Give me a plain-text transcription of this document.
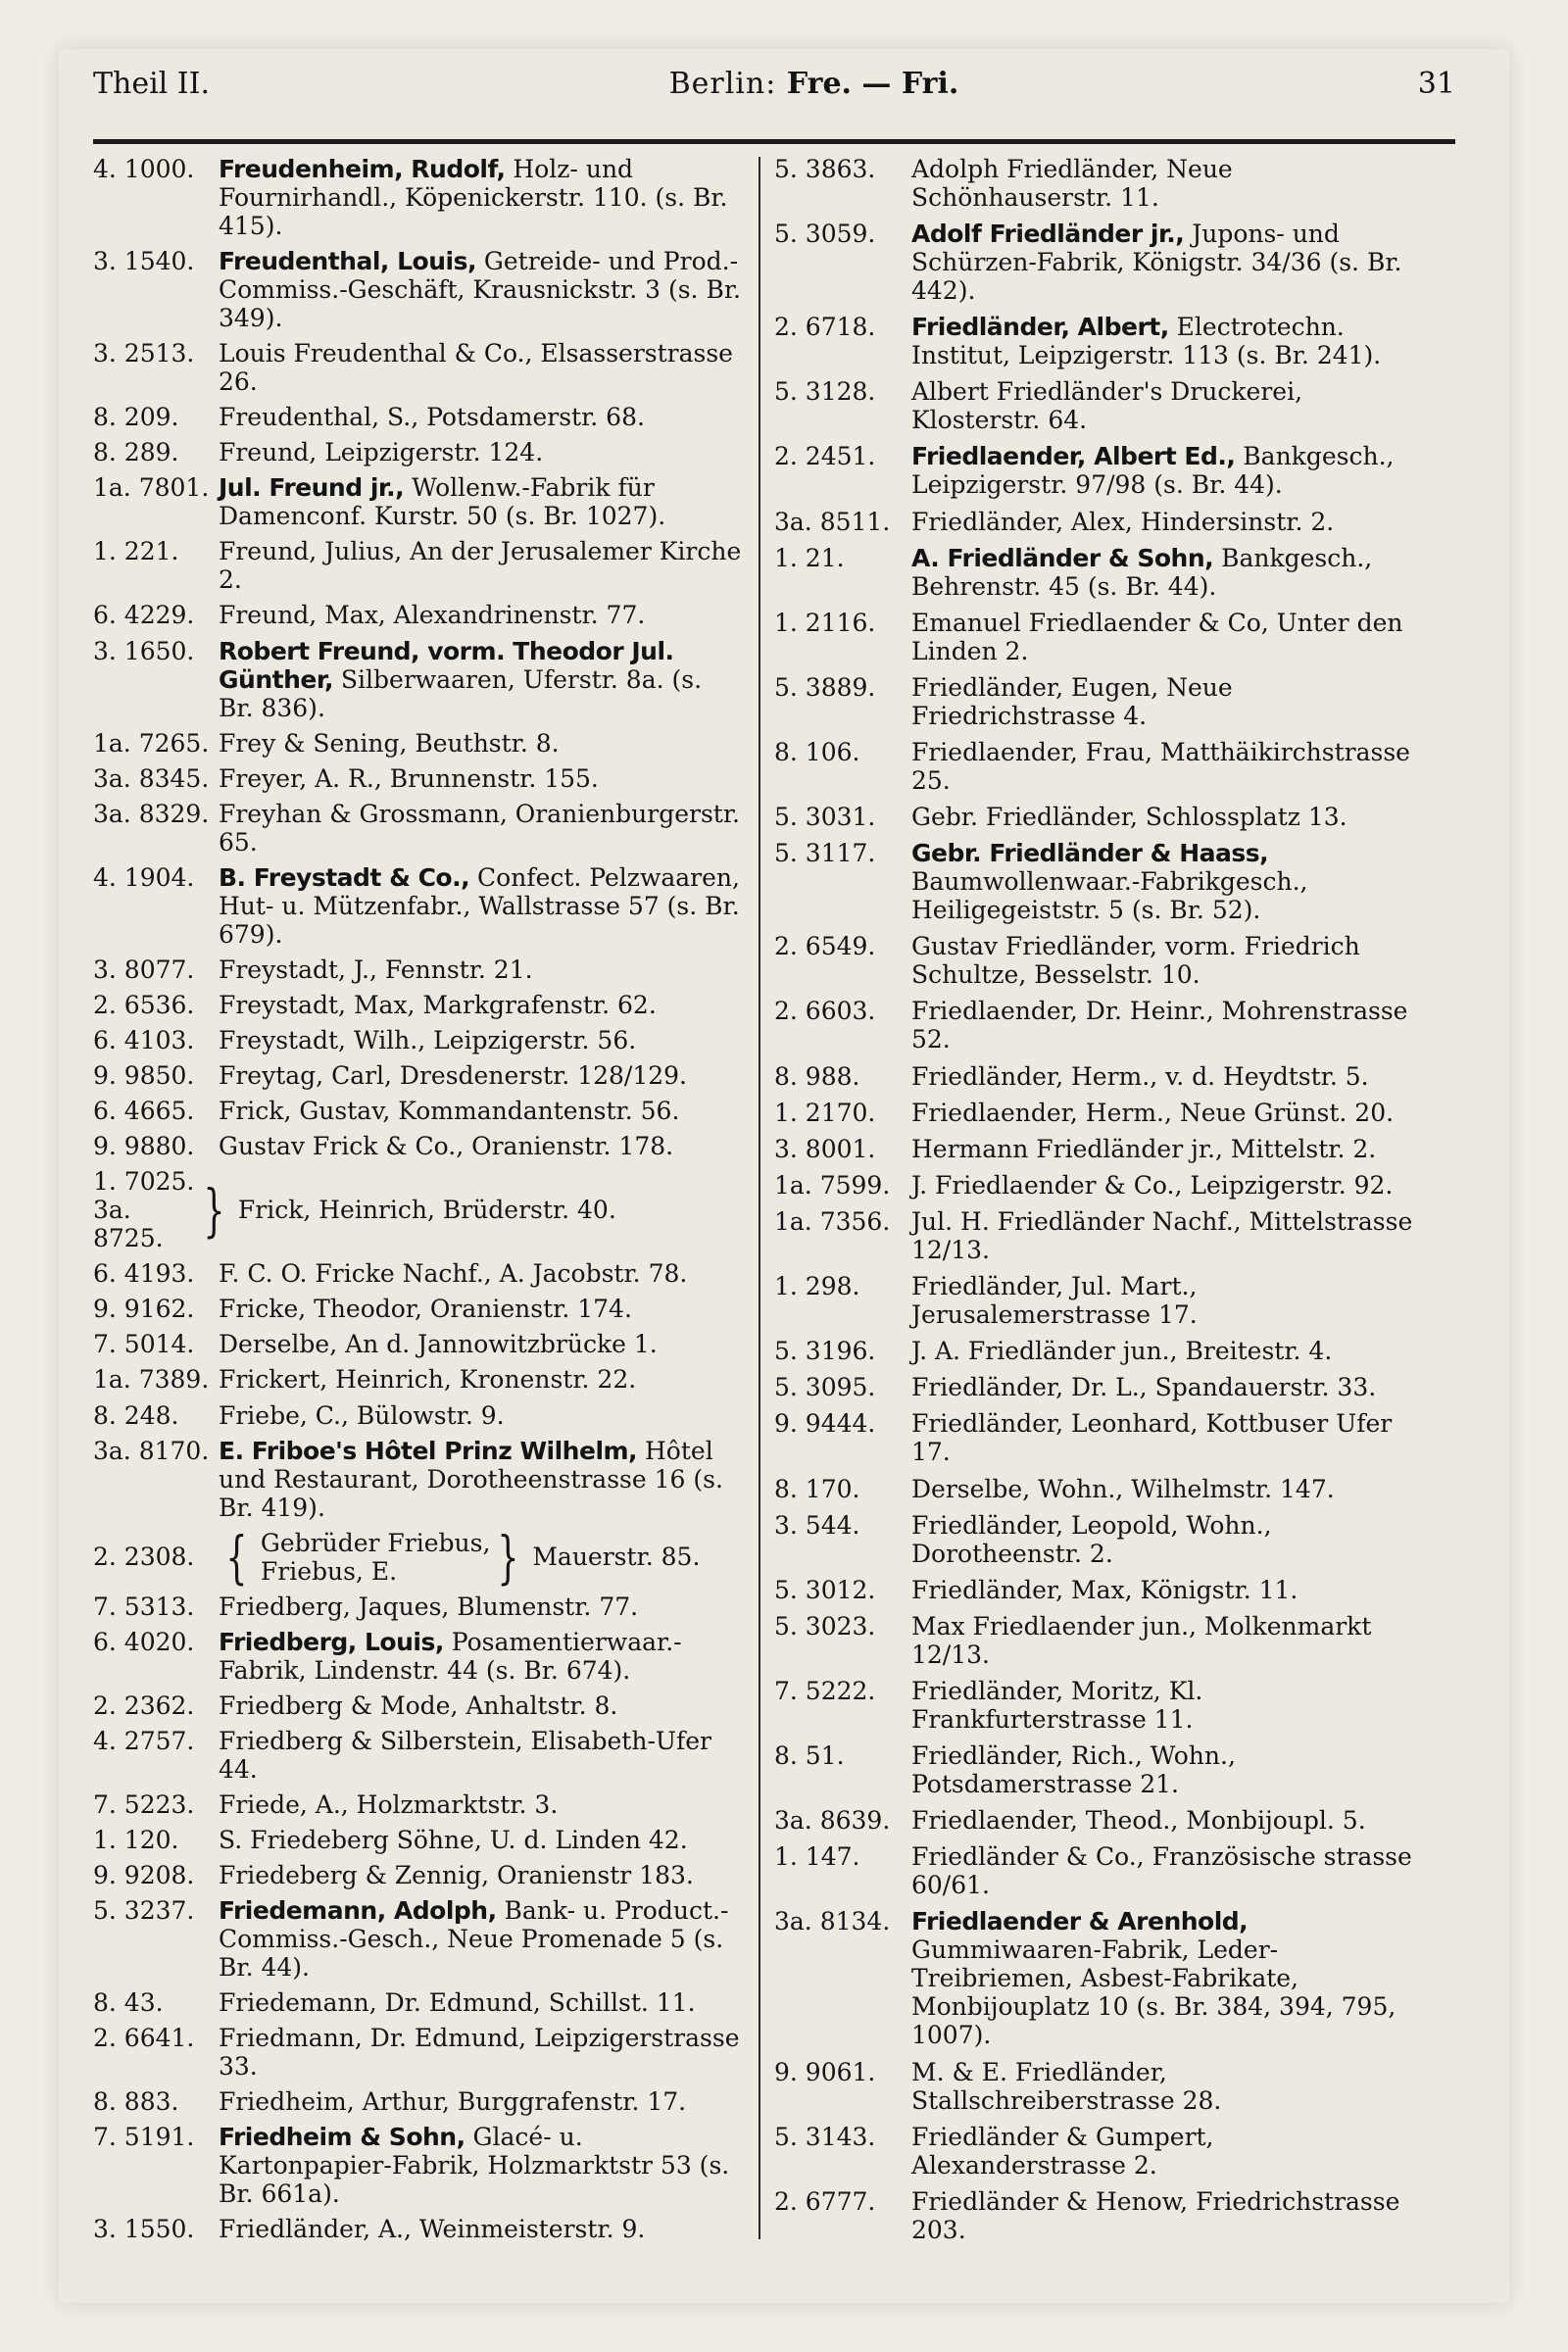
Theil II.	Berlin: Fre. — Fri.	31
4. 1000. Freudenheim, Rudolf, Holz- und Fournirhandl., Köpenickerstr. 110. (s. Br. 415).
3. 1540. Freudenthal, Louis, Getreide- und Prod.-Commiss.-Geschäft, Krausnickstr. 3 (s. Br. 349).
3. 2513. Louis Freudenthal & Co., Elsasserstrasse 26.
8. 209.	Freudenthal, S., Potsdamerstr. 68.
8. 289.	Freund, Leipzigerstr. 124.
1a. 7801. Jul. Freund jr., Wollenw.-Fabrik für Damenconf. Kurstr. 50 (s. Br. 1027).
1. 221.	Freund, Julius, An der Jerusalemer Kirche 2.
6. 4229. Freund, Max, Alexandrinenstr. 77.
3. 1650. Robert Freund, vorm. Theodor Jul. Günther, Silberwaaren, Uferstr. 8a. (s. Br. 836).
1a. 7265. Frey & Sening, Beuthstr. 8.
3a. 8345. Freyer, A. R., Brunnenstr. 155.
3a. 8329. Freyhan & Grossmann, Oranienburgerstr. 65.
4. 1904. B. Freystadt & Co., Confect. Pelzwaaren, Hut- u. Mützenfabr., Wallstrasse 57 (s. Br. 679).
3. 8077. Freystadt, J., Fennstr. 21.
2. 6536. Freystadt, Max, Markgrafenstr. 62.
6. 4103. Freystadt, Wilh., Leipzigerstr. 56.
9. 9850. Freytag, Carl, Dresdenerstr. 128/129.
6. 4665. Frick, Gustav, Kommandantenstr. 56.
9. 9880. Gustav Frick & Co., Oranienstr. 178.
1. 7025.
3a. 8725. } Frick, Heinrich, Brüderstr. 40.
6. 4193. F. C. O. Fricke Nachf., A. Jacobstr. 78.
9. 9162. Fricke, Theodor, Oranienstr. 174.
7. 5014. Derselbe, An d. Jannowitzbrücke 1.
1a. 7389. Frickert, Heinrich, Kronenstr. 22.
8. 248.	Friebe, C., Bülowstr. 9.
3a. 8170. E. Friboe's Hôtel Prinz Wilhelm, Hôtel und Restaurant, Dorotheenstrasse 16 (s. Br. 419).
2. 2308. { Gebrüder Friebus,
Friebus, E.	} Mauerstr. 85.
7. 5313. Friedberg, Jaques, Blumenstr. 77.
6. 4020. Friedberg, Louis, Posamentierwaar.-Fabrik, Lindenstr. 44 (s. Br. 674).
2. 2362. Friedberg & Mode, Anhaltstr. 8.
4. 2757. Friedberg & Silberstein, Elisabeth-Ufer 44.
7. 5223. Friede, A., Holzmarktstr. 3.
1. 120.	S. Friedeberg Söhne, U. d. Linden 42.
9. 9208. Friedeberg & Zennig, Oranienstr 183.
5. 3237. Friedemann, Adolph, Bank- u. Product.-Commiss.-Gesch., Neue Promenade 5 (s. Br. 44).
8. 43.	Friedemann, Dr. Edmund, Schillst. 11.
2. 6641. Friedmann, Dr. Edmund, Leipzigerstrasse 33.
8. 883.	Friedheim, Arthur, Burggrafenstr. 17.
7. 5191. Friedheim & Sohn, Glacé- u. Kartonpapier-Fabrik, Holzmarktstr 53 (s. Br. 661a).
3. 1550. Friedländer, A., Weinmeisterstr. 9.
5. 3863.	Adolph Friedländer, Neue Schönhauserstr. 11.
5. 3059.	Adolf Friedländer jr., Jupons- und Schürzen-Fabrik, Königstr. 34/36 (s. Br. 442).
2. 6718.	Friedländer, Albert, Electrotechn. Institut, Leipzigerstr. 113 (s. Br. 241).
5. 3128.	Albert Friedländer's Druckerei, Klosterstr. 64.
2. 2451.	Friedlaender, Albert Ed., Bankgesch., Leipzigerstr. 97/98 (s. Br. 44).
3a. 8511. Friedländer, Alex, Hindersinstr. 2.
1. 21.	A. Friedländer & Sohn, Bankgesch., Behrenstr. 45 (s. Br. 44).
1. 2116.	Emanuel Friedlaender & Co, Unter den Linden 2.
5. 3889.	Friedländer, Eugen, Neue Friedrichstrasse 4.
8. 106.	Friedlaender, Frau, Matthäikirchstrasse 25.
5. 3031.	Gebr. Friedländer, Schlossplatz 13.
5. 3117.	Gebr. Friedländer & Haass, Baumwollenwaar.-Fabrikgesch., Heiligegeiststr. 5 (s. Br. 52).
2. 6549.	Gustav Friedländer, vorm. Friedrich Schultze, Besselstr. 10.
2. 6603.	Friedlaender, Dr. Heinr., Mohrenstrasse 52.
8. 988.	Friedländer, Herm., v. d. Heydtstr. 5.
1. 2170.	Friedlaender, Herm., Neue Grünst. 20.
3. 8001.	Hermann Friedländer jr., Mittelstr. 2.
1a. 7599. J. Friedlaender & Co., Leipzigerstr. 92.
1a. 7356. Jul. H. Friedländer Nachf., Mittelstrasse 12/13.
1. 298.	Friedländer, Jul. Mart., Jerusalemerstrasse 17.
5. 3196.	J. A. Friedländer jun., Breitestr. 4.
5. 3095.	Friedländer, Dr. L., Spandauerstr. 33.
9. 9444.	Friedländer, Leonhard, Kottbuser Ufer 17.
8. 170.	Derselbe, Wohn., Wilhelmstr. 147.
3. 544.	Friedländer, Leopold, Wohn., Dorotheenstr. 2.
5. 3012.	Friedländer, Max, Königstr. 11.
5. 3023.	Max Friedlaender jun., Molkenmarkt 12/13.
7. 5222.	Friedländer, Moritz, Kl. Frankfurterstrasse 11.
8. 51.	Friedländer, Rich., Wohn., Potsdamerstrasse 21.
3a. 8639. Friedlaender, Theod., Monbijoupl. 5.
1. 147.	Friedländer & Co., Französische strasse 60/61.
3a. 8134. Friedlaender & Arenhold, Gummiwaaren-Fabrik, Leder-Treibriemen, Asbest-Fabrikate, Monbijouplatz 10 (s. Br. 384, 394, 795, 1007).
9. 9061.	M. & E. Friedländer, Stallschreiberstrasse 28.
5. 3143.	Friedländer & Gumpert, Alexanderstrasse 2.
2. 6777.	Friedländer & Henow, Friedrichstrasse 203.
